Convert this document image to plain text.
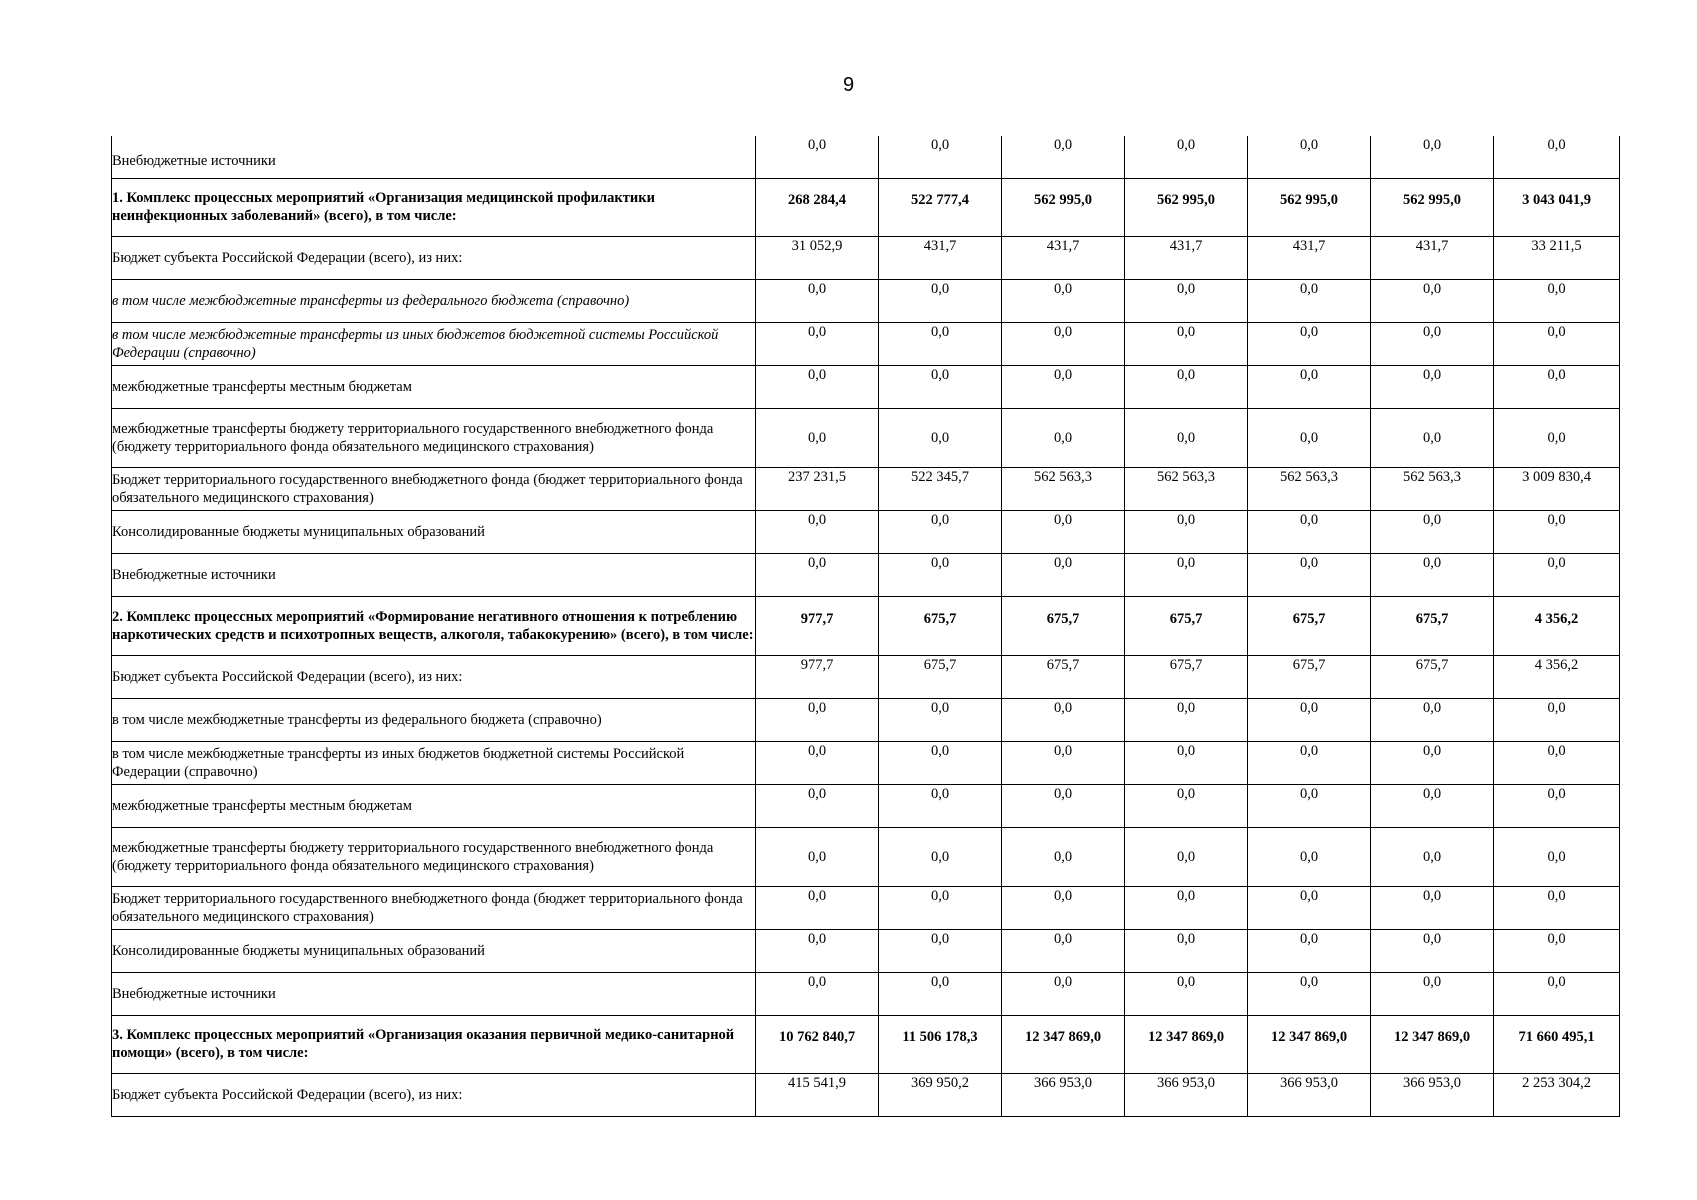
9
Внебюджетные источники	0,0	0,0	0,0	0,0	0,0	0,0	0,0
1. Комплекс процессных мероприятий «Организация медицинской профилактики неинфекционных заболеваний» (всего), в том числе:	268 284,4	522 777,4	562 995,0	562 995,0	562 995,0	562 995,0	3 043 041,9
Бюджет субъекта Российской Федерации (всего), из них:	31 052,9	431,7	431,7	431,7	431,7	431,7	33 211,5
в том числе межбюджетные трансферты из федерального бюджета (справочно)	0,0	0,0	0,0	0,0	0,0	0,0	0,0
в том числе межбюджетные трансферты из иных бюджетов бюджетной системы Российской Федерации (справочно)	0,0	0,0	0,0	0,0	0,0	0,0	0,0
межбюджетные трансферты местным бюджетам	0,0	0,0	0,0	0,0	0,0	0,0	0,0
межбюджетные трансферты бюджету территориального государственного внебюджетного фонда (бюджету территориального фонда обязательного медицинского страхования)	0,0	0,0	0,0	0,0	0,0	0,0	0,0
Бюджет территориального государственного внебюджетного фонда (бюджет территориального фонда обязательного медицинского страхования)	237 231,5	522 345,7	562 563,3	562 563,3	562 563,3	562 563,3	3 009 830,4
Консолидированные бюджеты муниципальных образований	0,0	0,0	0,0	0,0	0,0	0,0	0,0
Внебюджетные источники	0,0	0,0	0,0	0,0	0,0	0,0	0,0
2. Комплекс процессных мероприятий «Формирование негативного отношения к потреблению наркотических средств и психотропных веществ, алкоголя, табакокурению» (всего), в том числе:	977,7	675,7	675,7	675,7	675,7	675,7	4 356,2
Бюджет субъекта Российской Федерации (всего), из них:	977,7	675,7	675,7	675,7	675,7	675,7	4 356,2
в том числе межбюджетные трансферты из федерального бюджета (справочно)	0,0	0,0	0,0	0,0	0,0	0,0	0,0
в том числе межбюджетные трансферты из иных бюджетов бюджетной системы Российской Федерации (справочно)	0,0	0,0	0,0	0,0	0,0	0,0	0,0
межбюджетные трансферты местным бюджетам	0,0	0,0	0,0	0,0	0,0	0,0	0,0
межбюджетные трансферты бюджету территориального государственного внебюджетного фонда (бюджету территориального фонда обязательного медицинского страхования)	0,0	0,0	0,0	0,0	0,0	0,0	0,0
Бюджет территориального государственного внебюджетного фонда (бюджет территориального фонда обязательного медицинского страхования)	0,0	0,0	0,0	0,0	0,0	0,0	0,0
Консолидированные бюджеты муниципальных образований	0,0	0,0	0,0	0,0	0,0	0,0	0,0
Внебюджетные источники	0,0	0,0	0,0	0,0	0,0	0,0	0,0
3. Комплекс процессных мероприятий «Организация оказания первичной медико-санитарной помощи» (всего), в том числе:	10 762 840,7	11 506 178,3	12 347 869,0	12 347 869,0	12 347 869,0	12 347 869,0	71 660 495,1
Бюджет субъекта Российской Федерации (всего), из них:	415 541,9	369 950,2	366 953,0	366 953,0	366 953,0	366 953,0	2 253 304,2
